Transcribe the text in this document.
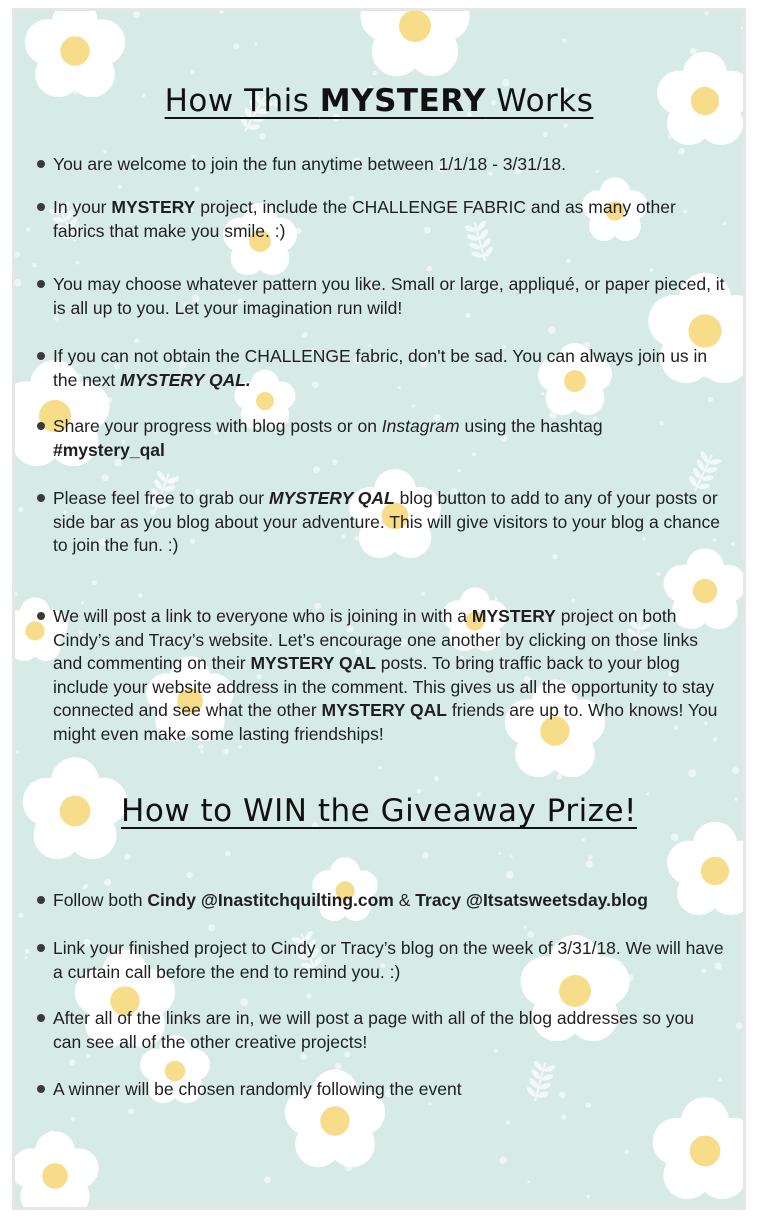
How This MYSTERY Works
You are welcome to join the fun anytime between 1/1/18 - 3/31/18.
In your MYSTERY project, include the CHALLENGE FABRIC and as many other fabrics that make you smile. :)
You may choose whatever pattern you like. Small or large, appliqué, or paper pieced, it is all up to you. Let your imagination run wild!
If you can not obtain the CHALLENGE fabric, don't be sad. You can always join us in the next MYSTERY QAL.
Share your progress with blog posts or on Instagram using the hashtag
#mystery_qal
Please feel free to grab our MYSTERY QAL blog button to add to any of your posts or side bar as you blog about your adventure. This will give visitors to your blog a chance to join the fun. :)
We will post a link to everyone who is joining in with a MYSTERY project on both Cindy’s and Tracy’s website. Let’s encourage one another by clicking on those links and commenting on their MYSTERY QAL posts. To bring traffic back to your blog include your website address in the comment. This gives us all the opportunity to stay connected and see what the other MYSTERY QAL friends are up to. Who knows! You might even make some lasting friendships!
How to WIN the Giveaway Prize!
Follow both Cindy @Inastitchquilting.com & Tracy @Itsatsweetsday.blog
Link your finished project to Cindy or Tracy’s blog on the week of 3/31/18. We will have a curtain call before the end to remind you. :)
After all of the links are in, we will post a page with all of the blog addresses so you can see all of the other creative projects!
A winner will be chosen randomly following the event
